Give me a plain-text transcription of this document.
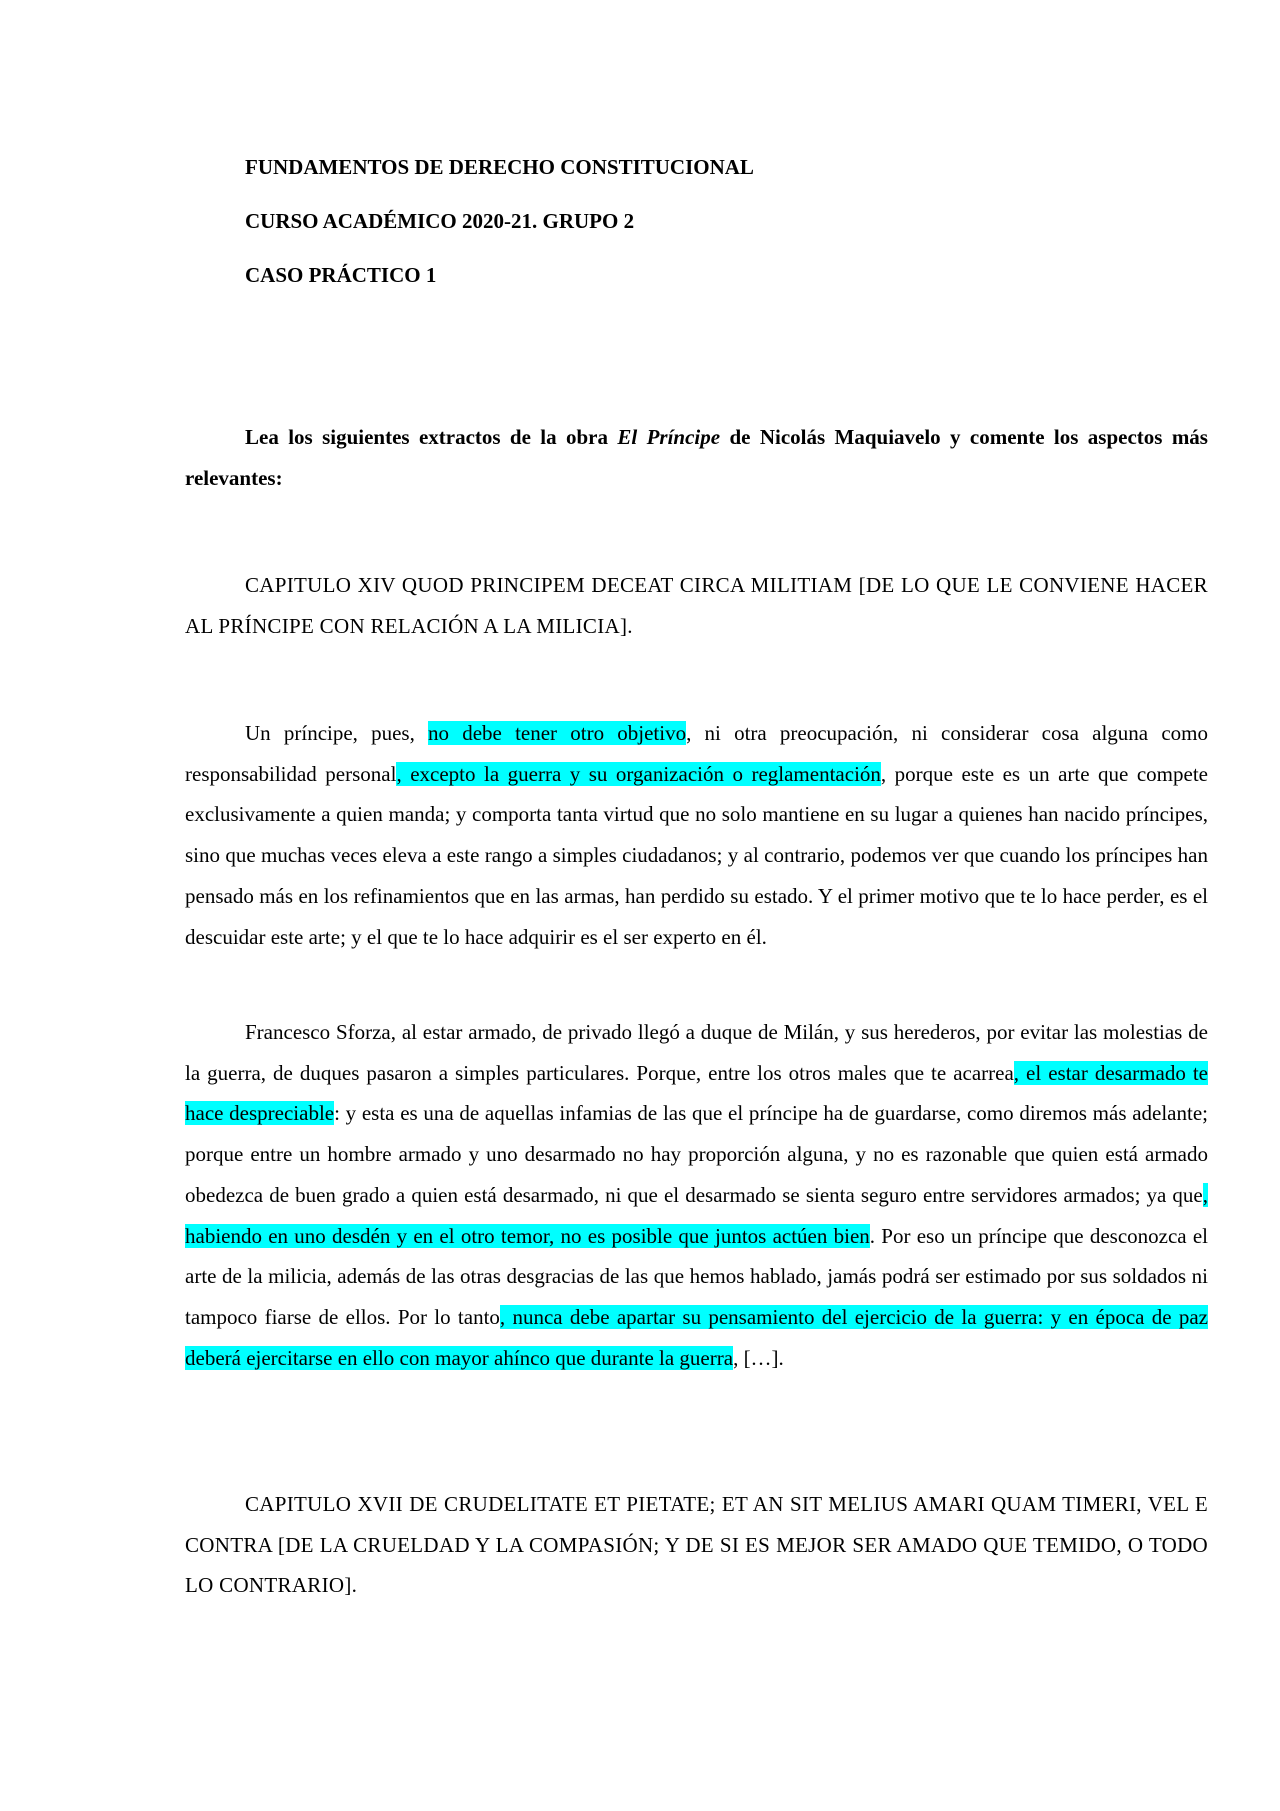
FUNDAMENTOS DE DERECHO CONSTITUCIONAL
CURSO ACADÉMICO 2020-21. GRUPO 2
CASO PRÁCTICO 1
Lea los siguientes extractos de la obra El Príncipe de Nicolás Maquiavelo y comente los aspectos más relevantes:
CAPITULO XIV QUOD PRINCIPEM DECEAT CIRCA MILITIAM [DE LO QUE LE CONVIENE HACER AL PRÍNCIPE CON RELACIÓN A LA MILICIA].
Un príncipe, pues, no debe tener otro objetivo, ni otra preocupación, ni considerar cosa alguna como responsabilidad personal, excepto la guerra y su organización o reglamentación, porque este es un arte que compete exclusivamente a quien manda; y comporta tanta virtud que no solo mantiene en su lugar a quienes han nacido príncipes, sino que muchas veces eleva a este rango a simples ciudadanos; y al contrario, podemos ver que cuando los príncipes han pensado más en los refinamientos que en las armas, han perdido su estado. Y el primer motivo que te lo hace perder, es el descuidar este arte; y el que te lo hace adquirir es el ser experto en él.
Francesco Sforza, al estar armado, de privado llegó a duque de Milán, y sus herederos, por evitar las molestias de la guerra, de duques pasaron a simples particulares. Porque, entre los otros males que te acarrea, el estar desarmado te hace despreciable: y esta es una de aquellas infamias de las que el príncipe ha de guardarse, como diremos más adelante; porque entre un hombre armado y uno desarmado no hay proporción alguna, y no es razonable que quien está armado obedezca de buen grado a quien está desarmado, ni que el desarmado se sienta seguro entre servidores armados; ya que, habiendo en uno desdén y en el otro temor, no es posible que juntos actúen bien. Por eso un príncipe que desconozca el arte de la milicia, además de las otras desgracias de las que hemos hablado, jamás podrá ser estimado por sus soldados ni tampoco fiarse de ellos. Por lo tanto, nunca debe apartar su pensamiento del ejercicio de la guerra: y en época de paz deberá ejercitarse en ello con mayor ahínco que durante la guerra, […].
CAPITULO XVII DE CRUDELITATE ET PIETATE; ET AN SIT MELIUS AMARI QUAM TIMERI, VEL E CONTRA [DE LA CRUELDAD Y LA COMPASIÓN; Y DE SI ES MEJOR SER AMADO QUE TEMIDO, O TODO LO CONTRARIO].
